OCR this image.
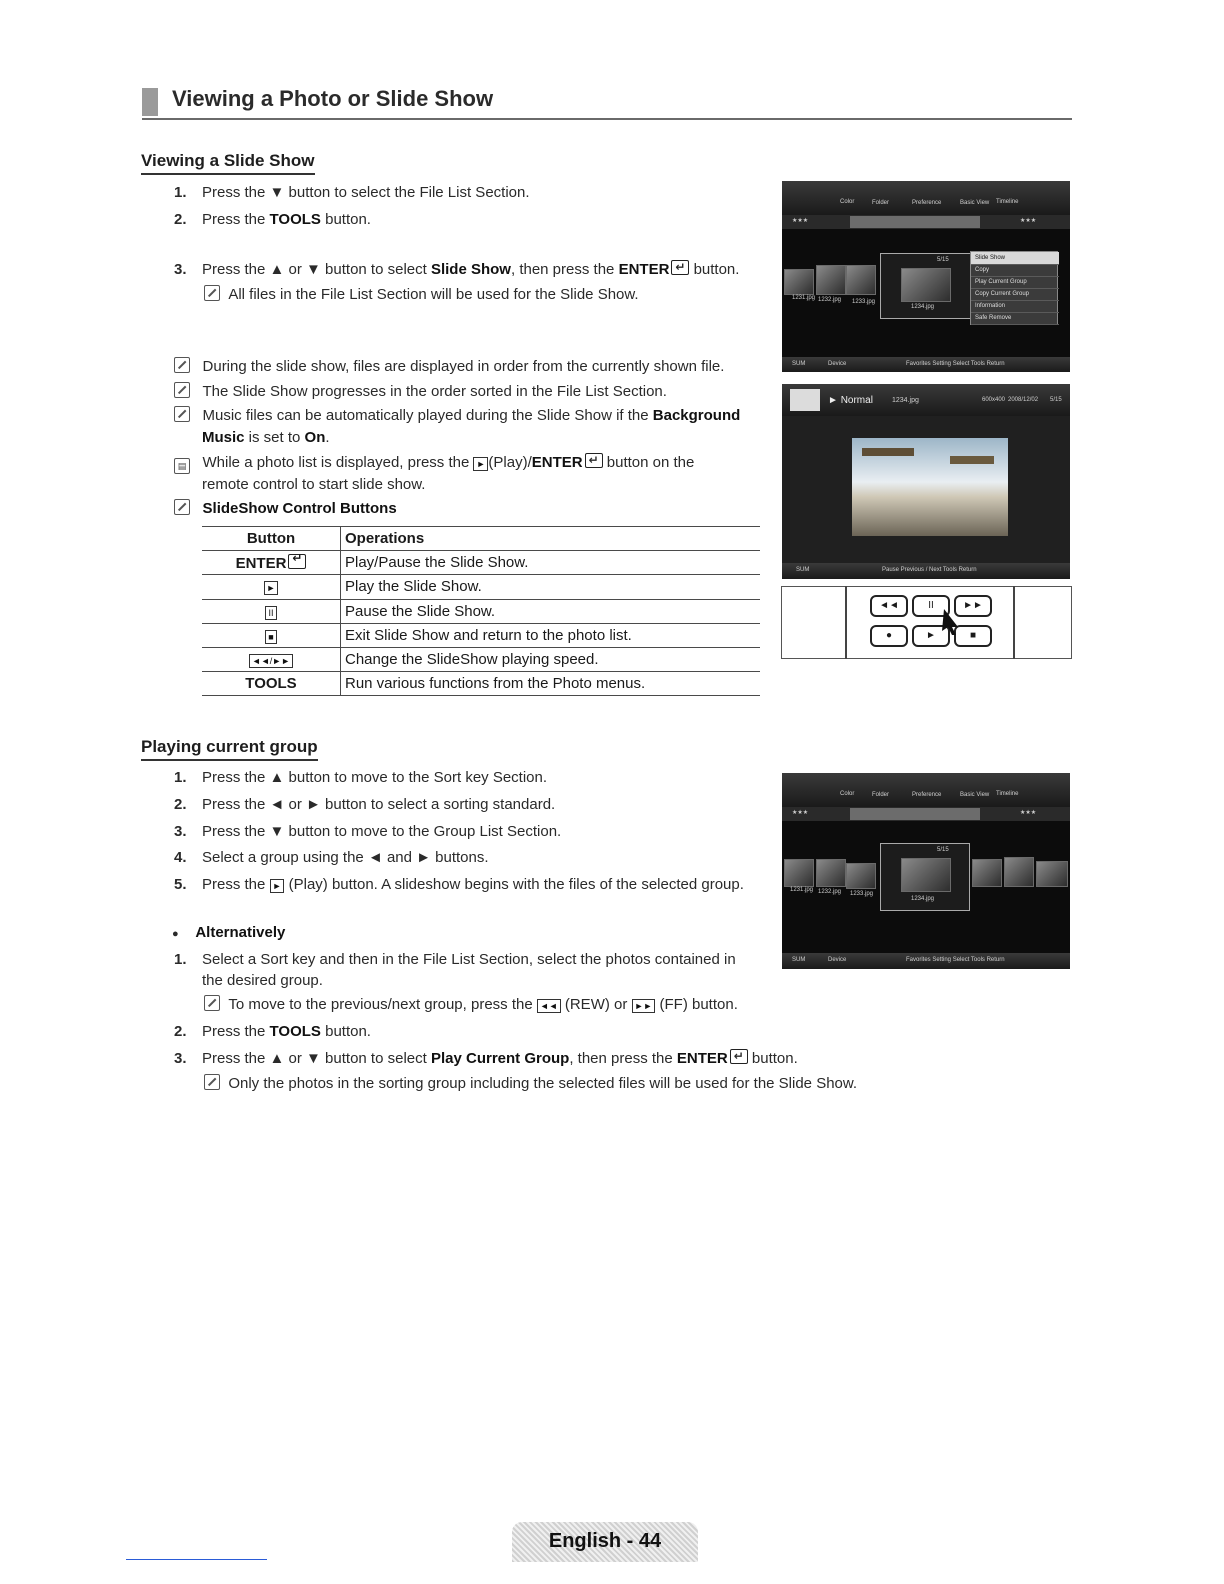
Viewing a Photo or Slide Show
Viewing a Slide Show
1. Press the ▼ button to select the File List Section.
2. Press the TOOLS button.
3. Press the ▲ or ▼ button to select Slide Show, then press the ENTER↵ button.
All files in the File List Section will be used for the Slide Show.
During the slide show, files are displayed in order from the currently shown file.
The Slide Show progresses in the order sorted in the File List Section.
Music files can be automatically played during the Slide Show if the Background
Music is set to On.
▤ While a photo list is displayed, press the ► (Play)/ENTER↵ button on the
remote control to start slide show.
SlideShow Control Buttons
Button	Operations
ENTER↵	Play/Pause the Slide Show.
►	Play the Slide Show.
II	Pause the Slide Show.
■	Exit Slide Show and return to the photo list.
◄◄/►►	Change the SlideShow playing speed.
TOOLS	Run various functions from the Photo menus.
Color	Folder	Preference	Basic View Timeline
★★★	★★★
1231.jpg 1232.jpg 1233.jpg
5/15
1234.jpg
Slide Show
Copy
Play Current Group
Copy Current Group
Information
Safe Remove
SUM	Device	Favorites Setting Select Tools Return
► Normal	1234.jpg	600x400 2008/12/02 5/15
SUM	Pause Previous / Next Tools Return
◄◄	II	►►
●	►	■
Playing current group
1. Press the ▲ button to move to the Sort key Section.
2. Press the ◄ or ► button to select a sorting standard.
3. Press the ▼ button to move to the Group List Section.
4. Select a group using the ◄ and ► buttons.
5. Press the ► (Play) button. A slideshow begins with the files of the selected group.
● Alternatively
1. Select a Sort key and then in the File List Section, select the photos contained in
the desired group.
To move to the previous/next group, press the ◄◄ (REW) or ►► (FF) button.
2. Press the TOOLS button.
3. Press the ▲ or ▼ button to select Play Current Group, then press the ENTER↵ button.
Only the photos in the sorting group including the selected files will be used for the Slide Show.
Color	Folder	Preference	Basic View Timeline
★★★	★★★
1231.jpg 1232.jpg 1233.jpg
5/15
1234.jpg
SUM	Device	Favorites Setting Select Tools Return
English - 44
